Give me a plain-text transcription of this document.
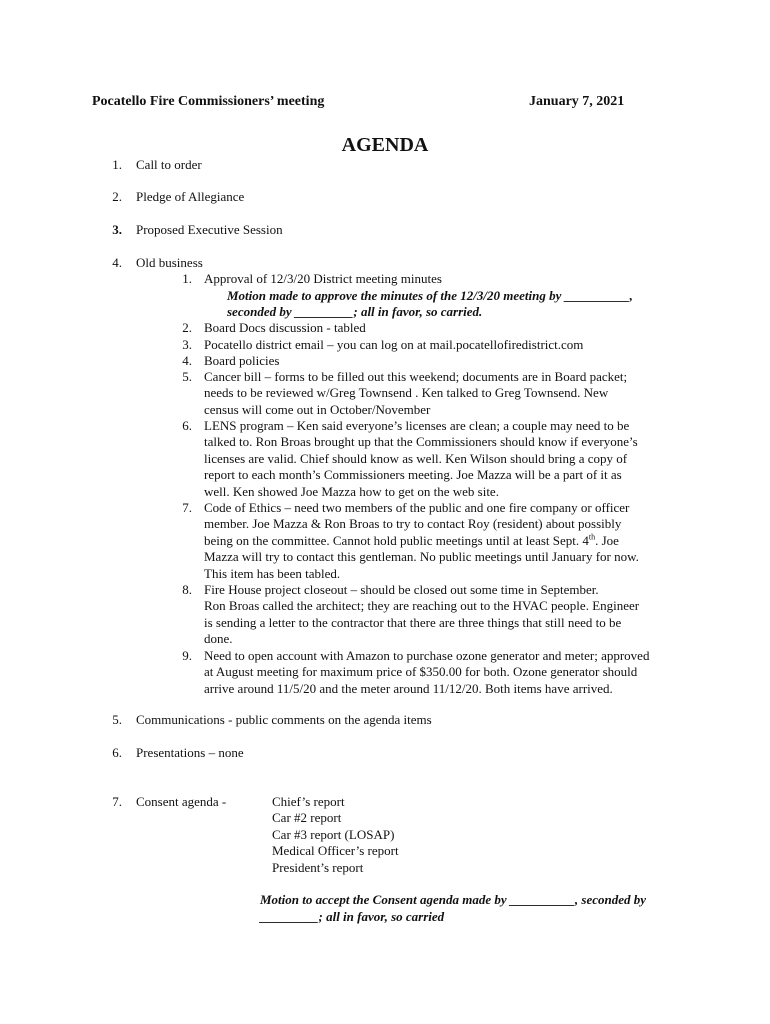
Pocatello Fire Commissioners’ meeting	January 7, 2021
AGENDA
1. Call to order
2. Pledge of Allegiance
3. Proposed Executive Session
4. Old business
1. Approval of 12/3/20 District meeting minutes
Motion made to approve the minutes of the 12/3/20 meeting by __________,
seconded by _________; all in favor, so carried.
2. Board Docs discussion - tabled
3. Pocatello district email – you can log on at mail.pocatellofiredistrict.com
4. Board policies
5. Cancer bill – forms to be filled out this weekend; documents are in Board packet;
needs to be reviewed w/Greg Townsend . Ken talked to Greg Townsend. New
census will come out in October/November
6. LENS program – Ken said everyone’s licenses are clean; a couple may need to be
talked to. Ron Broas brought up that the Commissioners should know if everyone’s
licenses are valid. Chief should know as well. Ken Wilson should bring a copy of
report to each month’s Commissioners meeting. Joe Mazza will be a part of it as
well. Ken showed Joe Mazza how to get on the web site.
7. Code of Ethics – need two members of the public and one fire company or officer
member. Joe Mazza & Ron Broas to try to contact Roy (resident) about possibly
being on the committee. Cannot hold public meetings until at least Sept. 4th. Joe
Mazza will try to contact this gentleman. No public meetings until January for now.
This item has been tabled.
8. Fire House project closeout – should be closed out some time in September.
Ron Broas called the architect; they are reaching out to the HVAC people. Engineer
is sending a letter to the contractor that there are three things that still need to be
done.
9. Need to open account with Amazon to purchase ozone generator and meter; approved
at August meeting for maximum price of $350.00 for both. Ozone generator should
arrive around 11/5/20 and the meter around 11/12/20. Both items have arrived.
5. Communications - public comments on the agenda items
6. Presentations – none
7. Consent agenda -	Chief’s report
Car #2 report
Car #3 report (LOSAP)
Medical Officer’s report
President’s report
Motion to accept the Consent agenda made by __________, seconded by
_________; all in favor, so carried
